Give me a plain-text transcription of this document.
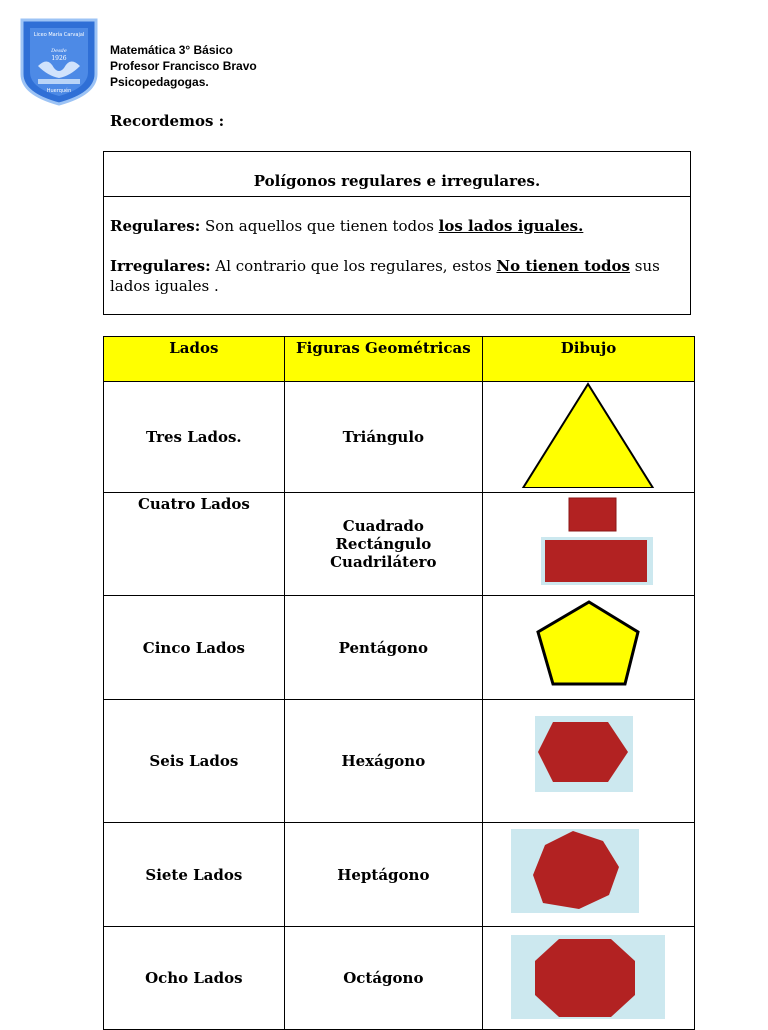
Liceo María Carvajal
Desde
1926
Huerquén
Matemática 3° Básico
Profesor Francisco Bravo
Psicopedagogas.
Recordemos :
Polígonos regulares e irregulares.
Regulares: Son aquellos que tienen todos los lados iguales.
Irregulares: Al contrario que los regulares, estos No tienen todos sus
lados iguales .
Lados	Figuras Geométricas	Dibujo
Tres Lados.	Triángulo	
Cuatro Lados	Cuadrado
Rectángulo
Cuadrilátero

Cinco Lados	Pentágono	
Seis Lados	Hexágono	
Siete Lados	Heptágono	
Ocho Lados	Octágono	
